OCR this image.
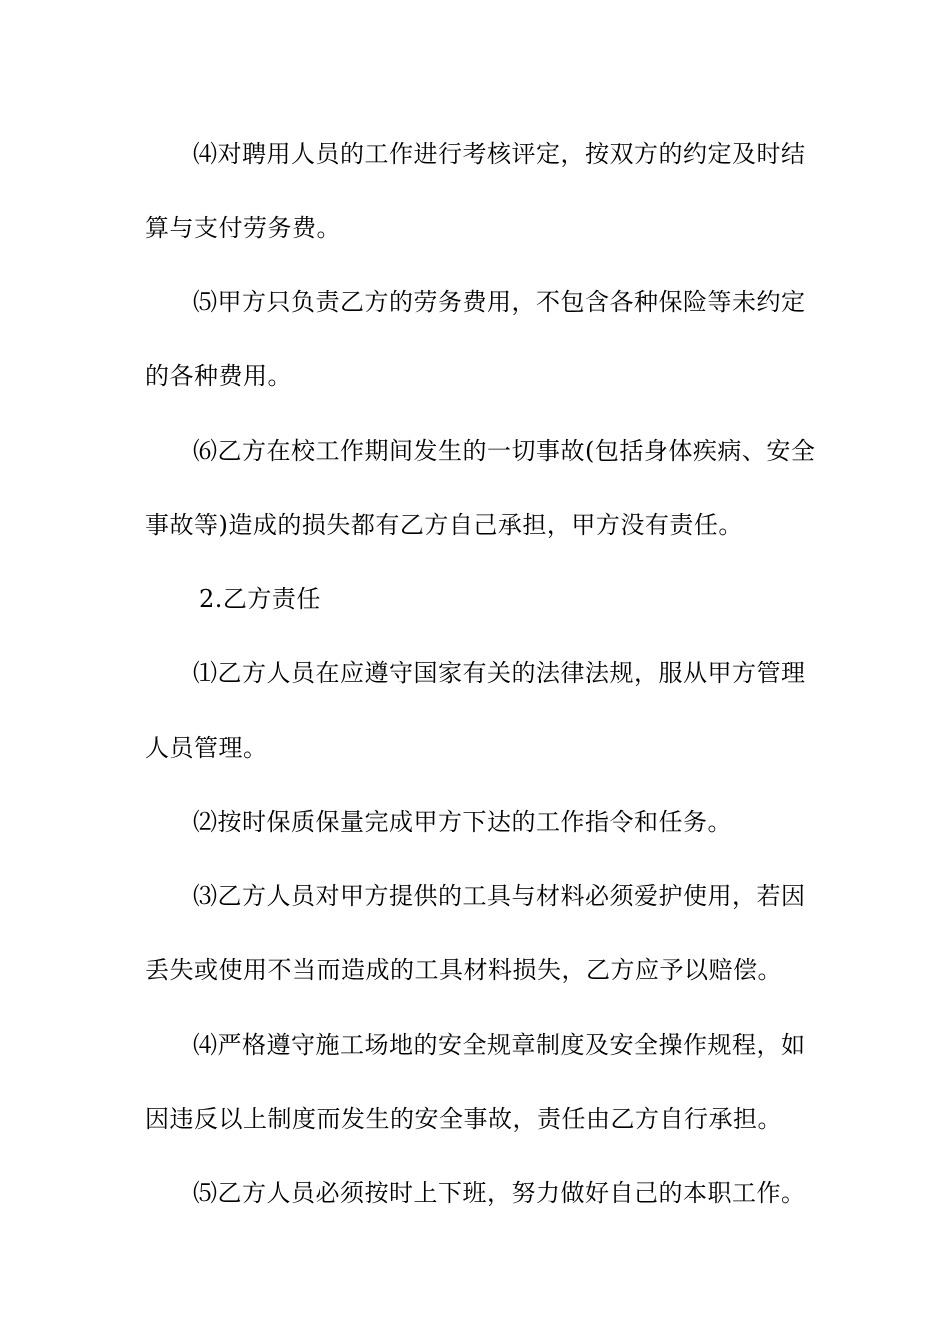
⑷对聘用人员的工作进行考核评定，按双方的约定及时结
算与支付劳务费。
⑸甲方只负责乙方的劳务费用，不包含各种保险等未约定
的各种费用。
⑹乙方在校工作期间发生的一切事故(包括身体疾病、安全
事故等)造成的损失都有乙方自己承担，甲方没有责任。
2.乙方责任
⑴乙方人员在应遵守国家有关的法律法规，服从甲方管理
人员管理。
⑵按时保质保量完成甲方下达的工作指令和任务。
⑶乙方人员对甲方提供的工具与材料必须爱护使用，若因
丢失或使用不当而造成的工具材料损失，乙方应予以赔偿。
⑷严格遵守施工场地的安全规章制度及安全操作规程，如
因违反以上制度而发生的安全事故，责任由乙方自行承担。
⑸乙方人员必须按时上下班，努力做好自己的本职工作。
